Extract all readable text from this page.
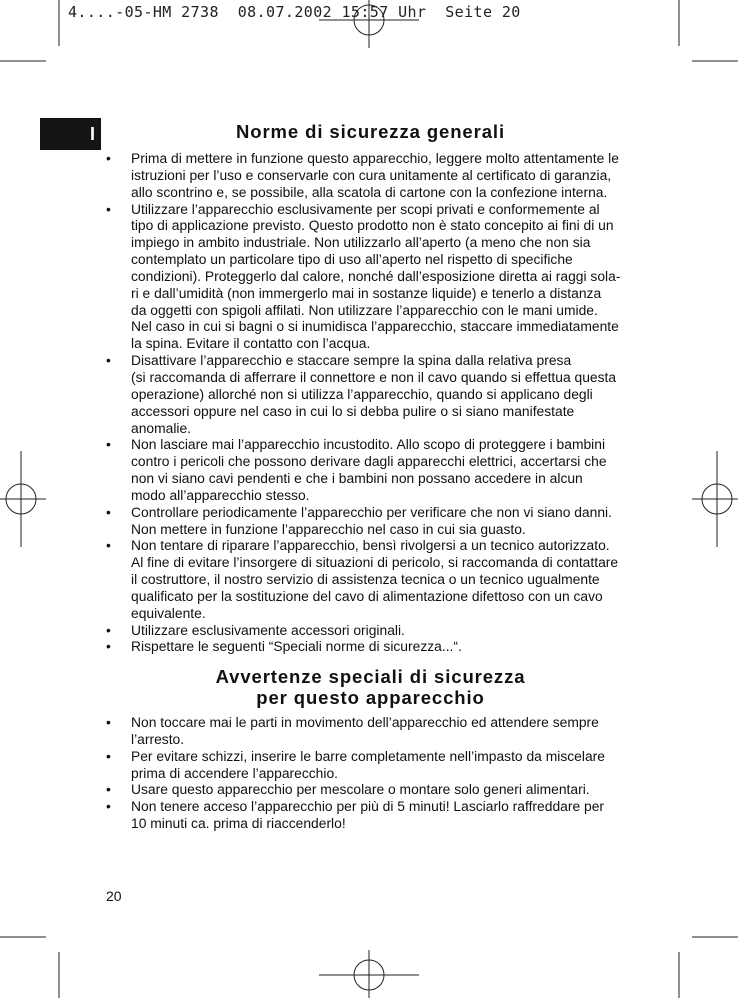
4....-05-HM 2738  08.07.2002 15:57 Uhr  Seite 20
I	Norme di sicurezza generali
• Prima di mettere in funzione questo apparecchio, leggere molto attentamente le
istruzioni per l’uso e conservarle con cura unitamente al certificato di garanzia,
allo scontrino e, se possibile, alla scatola di cartone con la confezione interna.
• Utilizzare l’apparecchio esclusivamente per scopi privati e conformemente al
tipo di applicazione previsto. Questo prodotto non è stato concepito ai fini di un
impiego in ambito industriale. Non utilizzarlo all’aperto (a meno che non sia
contemplato un particolare tipo di uso all’aperto nel rispetto di specifiche
condizioni). Proteggerlo dal calore, nonché dall’esposizione diretta ai raggi sola-
ri e dall’umidità (non immergerlo mai in sostanze liquide) e tenerlo a distanza
da oggetti con spigoli affilati. Non utilizzare l’apparecchio con le mani umide.
Nel caso in cui si bagni o si inumidisca l’apparecchio, staccare immediatamente
la spina. Evitare il contatto con l’acqua.
• Disattivare l’apparecchio e staccare sempre la spina dalla relativa presa
(si raccomanda di afferrare il connettore e non il cavo quando si effettua questa
operazione) allorché non si utilizza l’apparecchio, quando si applicano degli
accessori oppure nel caso in cui lo si debba pulire o si siano manifestate
anomalie.
• Non lasciare mai l’apparecchio incustodito. Allo scopo di proteggere i bambini
contro i pericoli che possono derivare dagli apparecchi elettrici, accertarsi che
non vi siano cavi pendenti e che i bambini non possano accedere in alcun
modo all’apparecchio stesso.
• Controllare periodicamente l’apparecchio per verificare che non vi siano danni.
Non mettere in funzione l’apparecchio nel caso in cui sia guasto.
• Non tentare di riparare l’apparecchio, bensì rivolgersi a un tecnico autorizzato.
Al fine di evitare l’insorgere di situazioni di pericolo, si raccomanda di contattare
il costruttore, il nostro servizio di assistenza tecnica o un tecnico ugualmente
qualificato per la sostituzione del cavo di alimentazione difettoso con un cavo
equivalente.
• Utilizzare esclusivamente accessori originali.
• Rispettare le seguenti “Speciali norme di sicurezza...“.
Avvertenze speciali di sicurezza
per questo apparecchio
• Non toccare mai le parti in movimento dell’apparecchio ed attendere sempre
l’arresto.
• Per evitare schizzi, inserire le barre completamente nell’impasto da miscelare
prima di accendere l’apparecchio.
• Usare questo apparecchio per mescolare o montare solo generi alimentari.
• Non tenere acceso l’apparecchio per più di 5 minuti! Lasciarlo raffreddare per
10 minuti ca. prima di riaccenderlo!
20
